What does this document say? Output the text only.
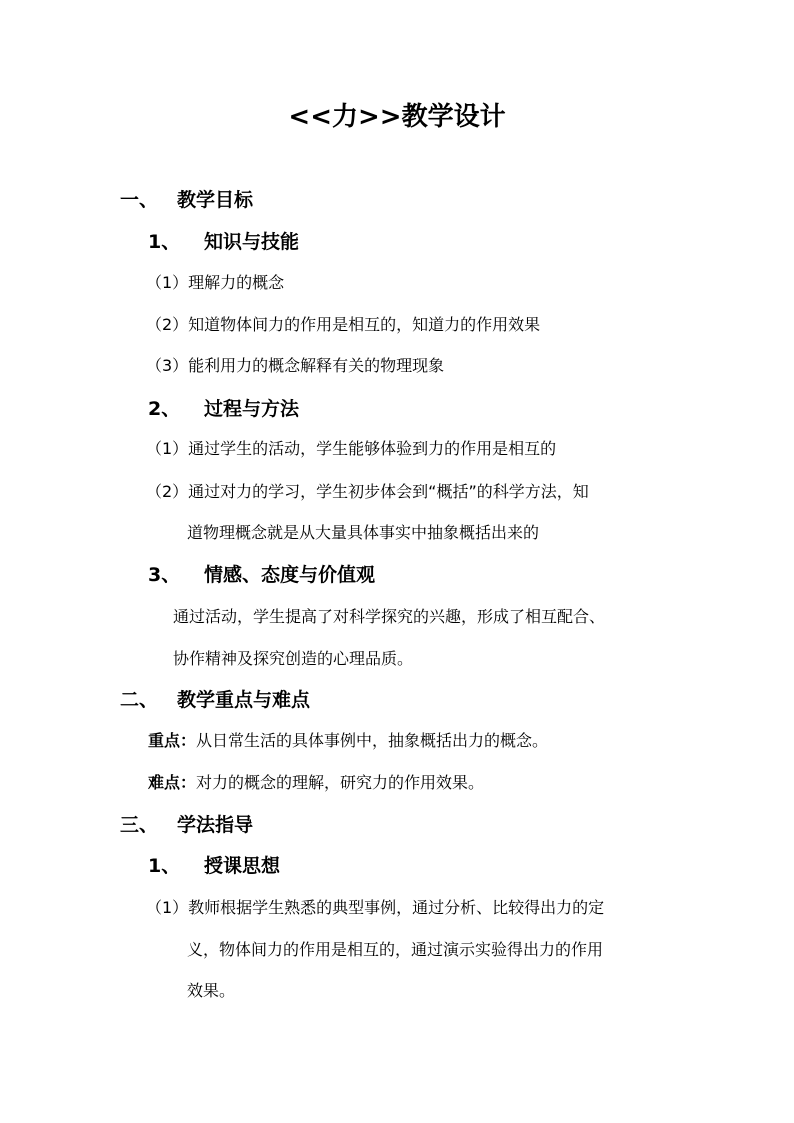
<<力>>教学设计
一、 教学目标
1、 知识与技能
（1）理解力的概念
（2）知道物体间力的作用是相互的，知道力的作用效果
（3）能利用力的概念解释有关的物理现象
2、 过程与方法
（1）通过学生的活动，学生能够体验到力的作用是相互的
（2）通过对力的学习，学生初步体会到“概括”的科学方法，知
道物理概念就是从大量具体事实中抽象概括出来的
3、 情感、态度与价值观
通过活动，学生提高了对科学探究的兴趣，形成了相互配合、
协作精神及探究创造的心理品质。
二、 教学重点与难点
重点：从日常生活的具体事例中，抽象概括出力的概念。
难点：对力的概念的理解，研究力的作用效果。
三、 学法指导
1、 授课思想
（1）教师根据学生熟悉的典型事例，通过分析、比较得出力的定
义，物体间力的作用是相互的，通过演示实验得出力的作用
效果。
